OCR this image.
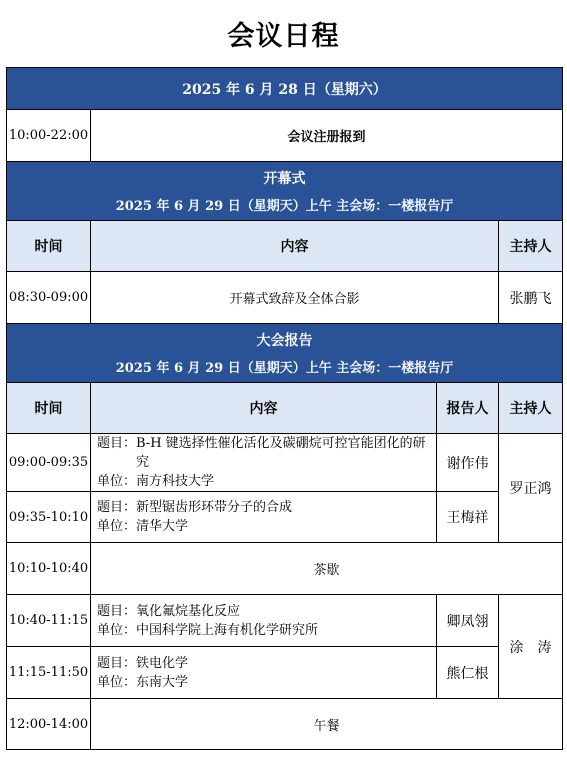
会议日程
2025 年 6 月 28 日（星期六）			

10:00-22:00	会议注册报到		

开幕式
2025 年 6 月 29 日（星期天）上午 主会场：一楼报告厅			

时间	内容		主持人
08:30-09:00	开幕式致辞及全体合影		张鹏飞

大会报告
2025 年 6 月 29 日（星期天）上午 主会场：一楼报告厅			

时间	内容	报告人	主持人
09:00-09:35	题目： B-H 键选择性催化活化及碳硼烷可控官能团化的研究
单位：南方科技大学	谢作伟	罗正鸿
09:35-10:10	题目： 新型锯齿形环带分子的合成
单位：清华大学	王梅祥	
10:10-10:40	茶歇		
10:40-11:15	题目： 氧化氟烷基化反应
单位：中国科学院上海有机化学研究所	卿凤翎	涂　涛
11:15-11:50	题目： 铁电化学
单位：东南大学	熊仁根	
12:00-14:00	午餐		
